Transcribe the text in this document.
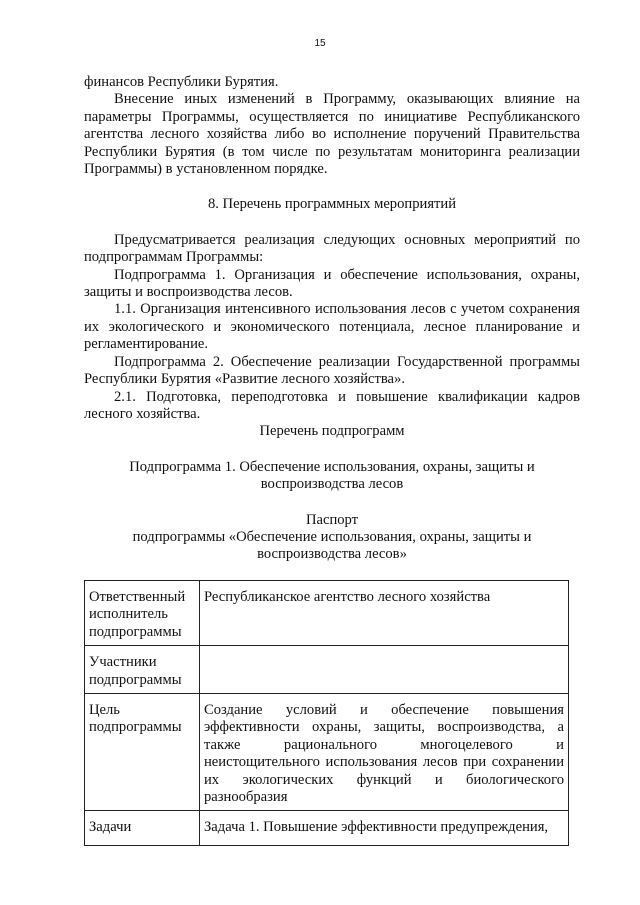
15

финансов Республики Бурятия.

Внесение иных изменений в Программу, оказывающих влияние на параметры Программы, осуществляется по инициативе Республиканского агентства лесного хозяйства либо во исполнение поручений Правительства Республики Бурятия (в том числе по результатам мониторинга реализации Программы) в установленном порядке.

8. Перечень программных мероприятий

Предусматривается реализация следующих основных мероприятий по подпрограммам Программы:

Подпрограмма 1. Организация и обеспечение использования, охраны, защиты и воспроизводства лесов.

1.1. Организация интенсивного использования лесов с учетом сохранения их экологического и экономического потенциала, лесное планирование и регламентирование.

Подпрограмма 2. Обеспечение реализации Государственной программы Республики Бурятия «Развитие лесного хозяйства».

2.1. Подготовка, переподготовка и повышение квалификации кадров лесного хозяйства.

Перечень подпрограмм

Подпрограмма 1. Обеспечение использования, охраны, защиты и

воспроизводства лесов

Паспорт

подпрограммы «Обеспечение использования, охраны, защиты и

воспроизводства лесов»

Ответственный исполнитель подпрограммы	Республиканское агентство лесного хозяйства
Участники подпрограммы	
Цель подпрограммы	Создание условий и обеспечение повышения эффективности охраны, защиты, воспроизводства, а также рационального многоцелевого и неистощительного использования лесов при сохранении их экологических функций и биологического разнообразия
Задачи	Задача 1. Повышение эффективности предупреждения,
